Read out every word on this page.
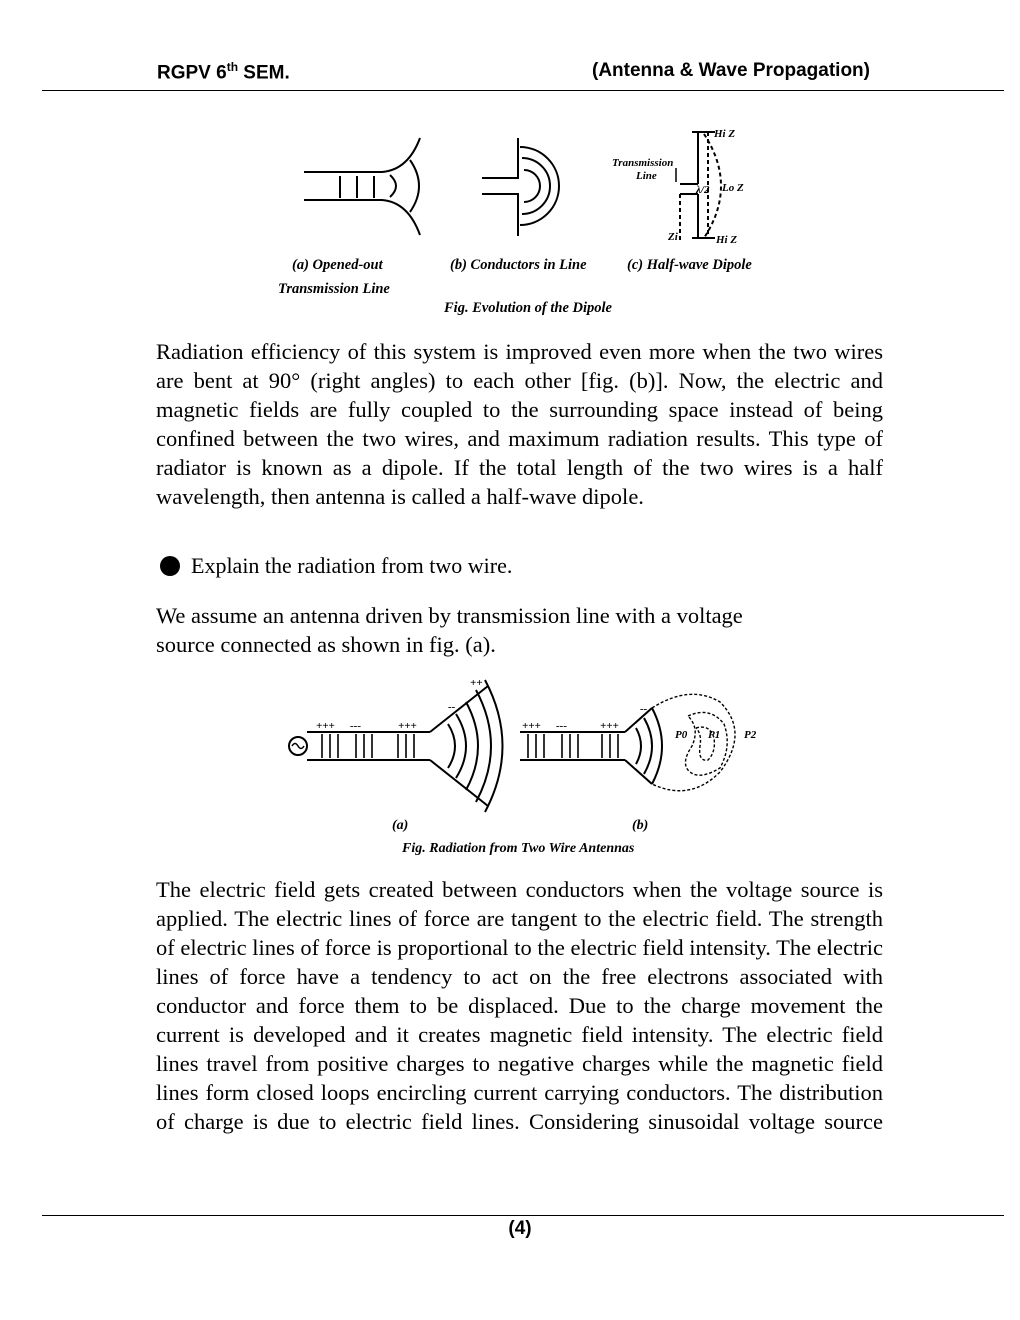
RGPV 6th SEM.	(Antenna & Wave Propagation)
Hi Z
Transmission
Line
λ/2 Lo Z
Zi	Hi Z
(a) Opened-out
Transmission Line
(b) Conductors in Line	(c) Half-wave Dipole
Fig. Evolution of the Dipole

Radiation efficiency of this system is improved even more when the two wires are bent at 90° (right angles) to each other [fig. (b)]. Now, the electric and magnetic fields are fully coupled to the surrounding space instead of being confined between the two wires, and maximum radiation results. This type of radiator is known as a dipole. If the total length of the two wires is a half wavelength, then antenna is called a half-wave dipole.

Explain the radiation from two wire.
We assume an antenna driven by transmission line with a voltage
source connected as shown in fig. (a).
+++ ---	+++
++
--
+++ ---	+++
--
P0 P1 P2
(a)	(b)
Fig. Radiation from Two Wire Antennas

The electric field gets created between conductors when the voltage source is applied. The electric lines of force are tangent to the electric field. The strength of electric lines of force is proportional to the electric field intensity. The electric lines of force have a tendency to act on the free electrons associated with conductor and force them to be displaced. Due to the charge movement the current is developed and it creates magnetic field intensity. The electric field lines travel from positive charges to negative charges while the magnetic field lines form closed loops encircling current carrying conductors. The distribution of charge is due to electric field lines. Considering sinusoidal voltage source

(4)
